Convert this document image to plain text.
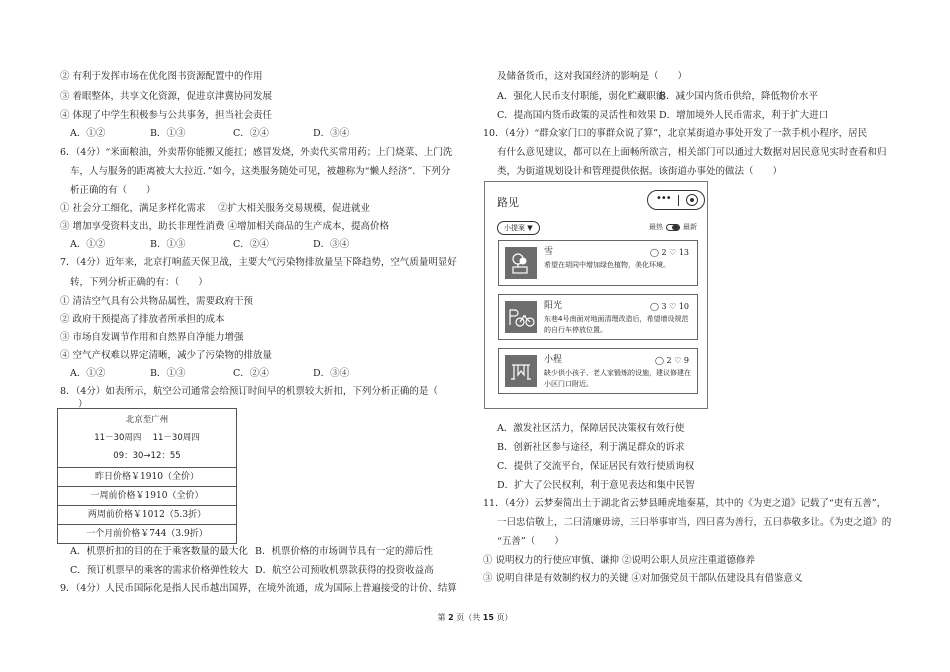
② 有利于发挥市场在优化图书资源配置中的作用
③ 着眼整体，共享文化资源，促进京津冀协同发展
④ 体现了中学生积极参与公共事务，担当社会责任
A．①②	B．①③	C．②④	D．③④
6．（4分）“米面粮油，外卖帮你能搬又能扛；感冒发烧，外卖代买常用药；上门烧菜、上门洗
车，人与服务的距离被大大拉近．”如今，这类服务随处可见，被趣称为“懒人经济”．下列分
析正确的有（　　）
① 社会分工细化，满足多样化需求　 ②扩大相关服务交易规模，促进就业
③ 增加享受资料支出，助长非理性消费 ④增加相关商品的生产成本，提高价格
A．①②	B．①③	C．②④	D．③④
7．（4分）近年来，北京打响蓝天保卫战，主要大气污染物排放量呈下降趋势，空气质量明显好
转，下列分析正确的有：（　　）
① 清洁空气具有公共物品属性，需要政府干预
② 政府干预提高了排放者所承担的成本
③ 市场自发调节作用和自然界自净能力增强
④ 空气产权难以界定清晰，减少了污染物的排放量
A．①②	B．①③	C．②④	D．③④
8．（4分）如表所示，航空公司通常会给预订时间早的机票较大折扣，下列分析正确的是（
）
北京至广州
11－30周四　 11－30周四
09：30→12：55

昨日价格￥1910（全价）
一周前价格￥1910（全价）
两周前价格￥1012（5.3折）
一个月前价格￥744（3.9折）
A．机票折扣的目的在于乘客数量的最大化 B．机票价格的市场调节具有一定的滞后性
C．预订机票早的乘客的需求价格弹性较大 D．航空公司预收机票款获得的投资收益高
9．（4分）人民币国际化是指人民币越出国界，在境外流通，成为国际上普遍接受的计价、结算
及储备货币，这对我国经济的影响是（　　）
A．强化人民币支付职能，弱化贮藏职能
B．减少国内货币供给，降低物价水平
C．提高国内货币政策的灵活性和效果 D．增加境外人民币需求，利于扩大进口
10．（4分）“群众家门口的事群众说了算”，北京某街道办事处开发了一款手机小程序，居民
有什么意见建议，都可以在上面畅所欲言，相关部门可以通过大数据对居民意见实时查看和归
类，为街道规划设计和管理提供依据。该街道办事处的做法（　　）
路见	•••
小提案 ▼	最热	最新
雪	◯ 2 ♡ 13
希望在胡同中增加绿色植物，美化环境。
阳光	◯ 3 ♡ 10
东巷4号南面对地面清理改造后，希望增设规范的自行车停放位置。
小程	◯ 2 ♡ 9
缺少供小孩子、老人家锻炼的设施，建议修建在小区门口附近。
A．激发社区活力，保障居民决策权有效行使
B．创新社区参与途径，利于满足群众的诉求
C．提供了交流平台，保证居民有效行使质询权
D．扩大了公民权利，利于意见表达和集中民智
11．（4分）云梦秦简出土于湖北省云梦县睡虎地秦墓，其中的《为吏之道》记载了“吏有五善”，
一曰忠信敬上，二曰清廉毋谤，三曰举事审当，四曰喜为善行，五曰恭敬多让。《为吏之道》的
“五善”（　　）
① 说明权力的行使应审慎、谦抑 ②说明公职人员应注重道德修养
③ 说明自律是有效制约权力的关键 ④对加强党员干部队伍建设具有借鉴意义
第 2 页（共 15 页）
